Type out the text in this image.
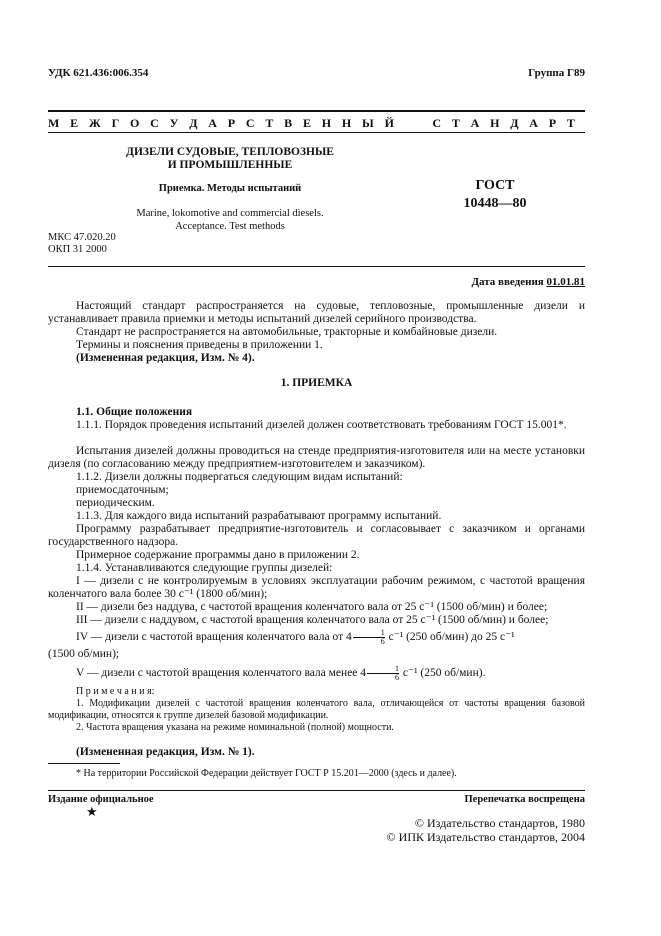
УДК 621.436:006.354	Группа Г89
М Е Ж Г О С У Д А Р С Т В Е Н Н Ы Й     С Т А Н Д А Р Т
ДИЗЕЛИ СУДОВЫЕ, ТЕПЛОВОЗНЫЕ
И ПРОМЫШЛЕННЫЕ
Приемка. Методы испытаний
Marine, lokomotive and commercial diesels.
Acceptance. Test methods
МКС 47.020.20
ОКП 31 2000
ГОСТ
10448—80
Дата введения 01.01.81
Настоящий стандарт распространяется на судовые, тепловозные, промышленные дизели и устанавливает правила приемки и методы испытаний дизелей серийного производства.
Стандарт не распространяется на автомобильные, тракторные и комбайновые дизели.
Термины и пояснения приведены в приложении 1.
(Измененная редакция, Изм. № 4).
1. ПРИЕМКА
1.1. Общие положения
1.1.1. Порядок проведения испытаний дизелей должен соответствовать требованиям ГОСТ 15.001*.
Испытания дизелей должны проводиться на стенде предприятия-изготовителя или на месте установки дизеля (по согласованию между предприятием-изготовителем и заказчиком).
1.1.2. Дизели должны подвергаться следующим видам испытаний:
приемосдаточным;
периодическим.
1.1.3. Для каждого вида испытаний разрабатывают программу испытаний.
Программу разрабатывает предприятие-изготовитель и согласовывает с заказчиком и органами государственного надзора.
Примерное содержание программы дано в приложении 2.
1.1.4. Устанавливаются следующие группы дизелей:
I — дизели с не контролируемым в условиях эксплуатации рабочим режимом, с частотой вращения коленчатого вала более 30 с⁻¹ (1800 об/мин);
II — дизели без наддува, с частотой вращения коленчатого вала от 25 с⁻¹ (1500 об/мин) и более;
III — дизели с наддувом, с частотой вращения коленчатого вала от 25 с⁻¹ (1500 об/мин) и более;
IV — дизели с частотой вращения коленчатого вала от $4 \frac{1}{6} с^{-1}$ (250 об/мин) до 25 с⁻¹
(1500 об/мин);
V — дизели с частотой вращения коленчатого вала менее $4 \frac{1}{6} с^{-1}$ (250 об/мин).
П р и м е ч а н и я:
1. Модификации дизелей с частотой вращения коленчатого вала, отличающейся от частоты вращения базовой модификации, относятся к группе дизелей базовой модификации.
2. Частота вращения указана на режиме номинальной (полной) мощности.
(Измененная редакция, Изм. № 1).
* На территории Российской Федерации действует ГОСТ Р 15.201—2000 (здесь и далее).
Издание официальное
★
Перепечатка воспрещена
© Издательство стандартов, 1980
© ИПК Издательство стандартов, 2004
